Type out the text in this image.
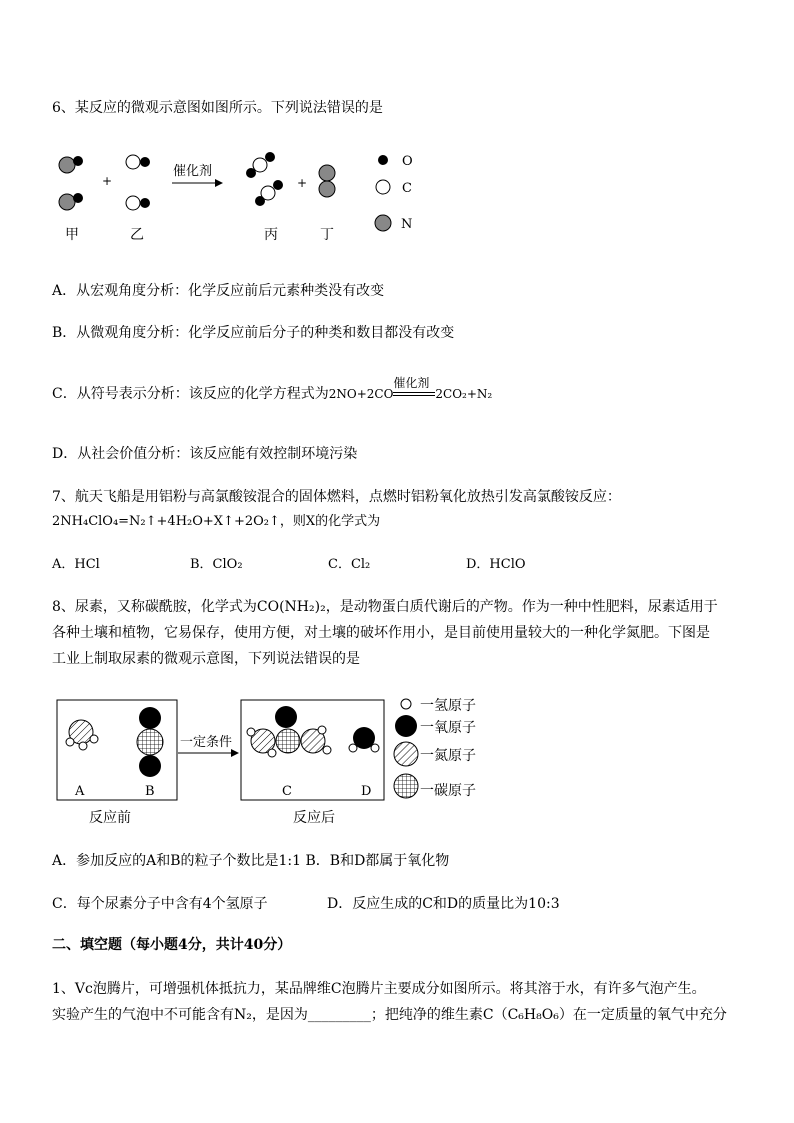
6、某反应的微观示意图如图所示。下列说法错误的是
+
催化剂
+
O
C
N
甲	乙	丙	丁
A．从宏观角度分析：化学反应前后元素种类没有改变
B．从微观角度分析：化学反应前后分子的种类和数目都没有改变
C．从符号表示分析：该反应的化学方程式为2NO+2CO
催化剂
2CO₂+N₂
D．从社会价值分析：该反应能有效控制环境污染
7、航天飞船是用铝粉与高氯酸铵混合的固体燃料，点燃时铝粉氧化放热引发高氯酸铵反应：
2NH₄ClO₄=N₂↑+4H₂O+X↑+2O₂↑，则X的化学式为
A．HCl	B．ClO₂	C．Cl₂	D．HClO
8、尿素，又称碳酰胺，化学式为CO(NH₂)₂，是动物蛋白质代谢后的产物。作为一种中性肥料，尿素适用于
各种土壤和植物，它易保存，使用方便，对土壤的破坏作用小，是目前使用量较大的一种化学氮肥。下图是
工业上制取尿素的微观示意图，下列说法错误的是
A	B
一定条件
C	D
一氢原子
一氧原子
一氮原子
一碳原子
反应前	反应后
A．参加反应的A和B的粒子个数比是1:1 B．B和D都属于氧化物
C．每个尿素分子中含有4个氢原子	D．反应生成的C和D的质量比为10:3
二、填空题（每小题4分，共计40分）
1、Vc泡腾片，可增强机体抵抗力，某品牌维C泡腾片主要成分如图所示。将其溶于水，有许多气泡产生。
实验产生的气泡中不可能含有N₂，是因为_________；把纯净的维生素C（C₆H₈O₆）在一定质量的氧气中充分
